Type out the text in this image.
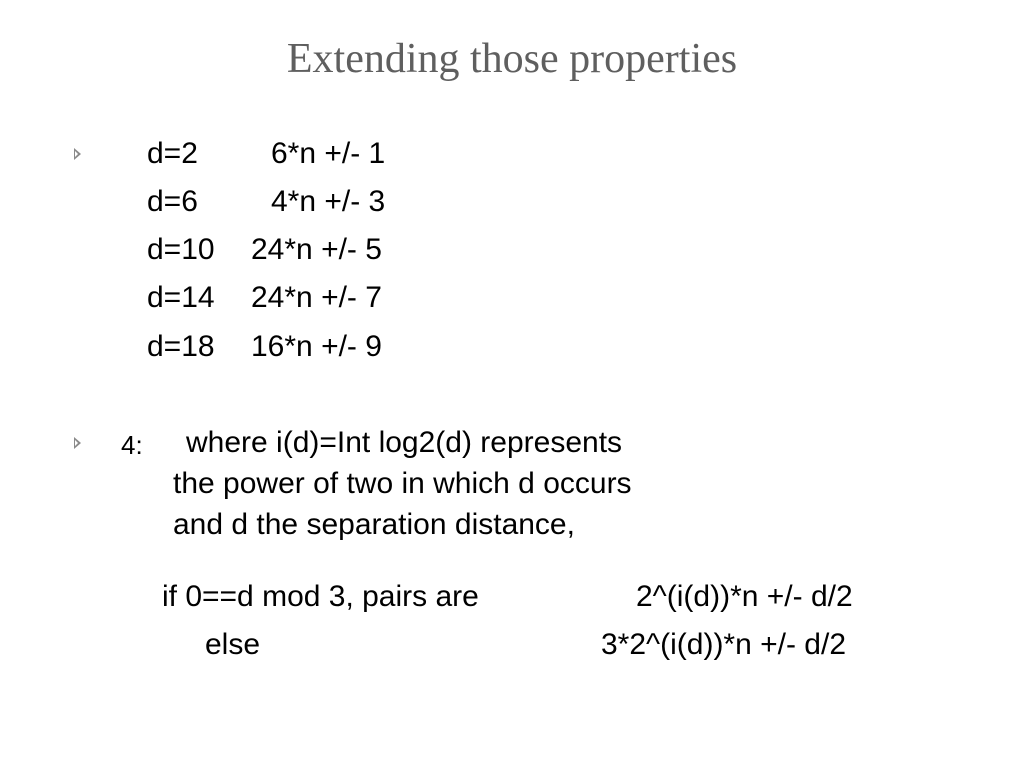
Extending those properties
d=2 6*n +/- 1
d=6 4*n +/- 3
d=10 24*n +/- 5
d=14 24*n +/- 7
d=18 16*n +/- 9
4: where i(d)=Int log2(d) represents
the power of two in which d occurs
and d the separation distance,
if 0==d mod 3, pairs are	2^(i(d))*n +/- d/2
else	3*2^(i(d))*n +/- d/2
